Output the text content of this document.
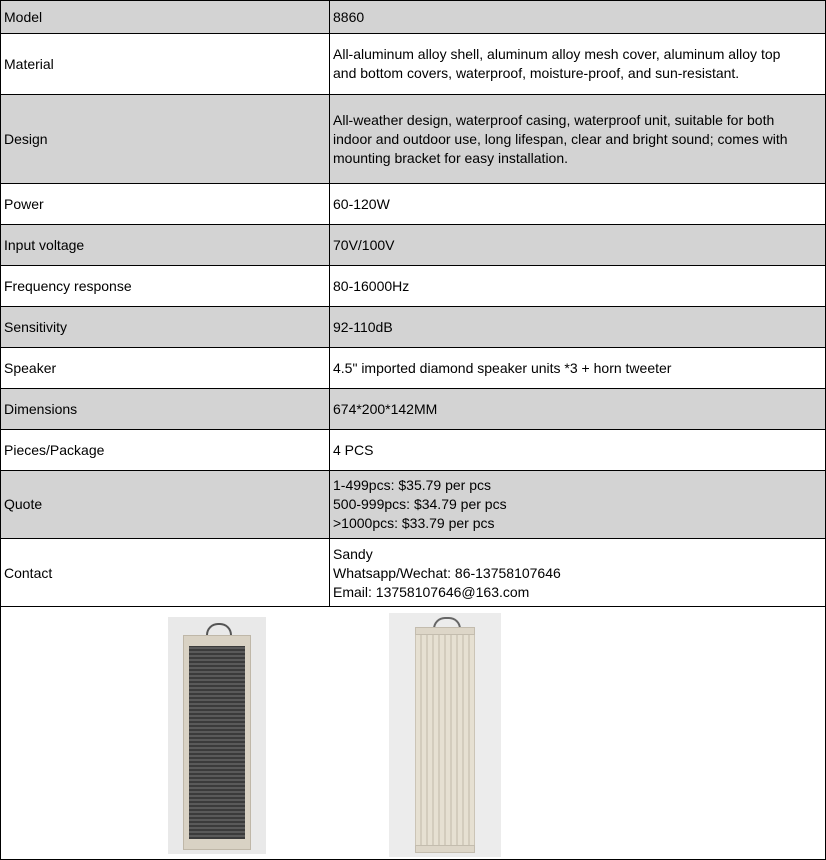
Model	8860

Material	All-aluminum alloy shell, aluminum alloy mesh cover, aluminum alloy top
and bottom covers, waterproof, moisture-proof, and sun-resistant.

Design	All-weather design, waterproof casing, waterproof unit, suitable for both
indoor and outdoor use, long lifespan, clear and bright sound; comes with
mounting bracket for easy installation.

Power	60-120W

Input voltage	70V/100V

Frequency response	80-16000Hz

Sensitivity	92-110dB

Speaker	4.5" imported diamond speaker units *3 + horn tweeter

Dimensions	674*200*142MM

Pieces/Package	4 PCS

Quote	1-499pcs: $35.79 per pcs
500-999pcs: $34.79 per pcs
>1000pcs: $33.79 per pcs

Contact	Sandy
Whatsapp/Wechat: 86-13758107646
Email: 13758107646@163.com
